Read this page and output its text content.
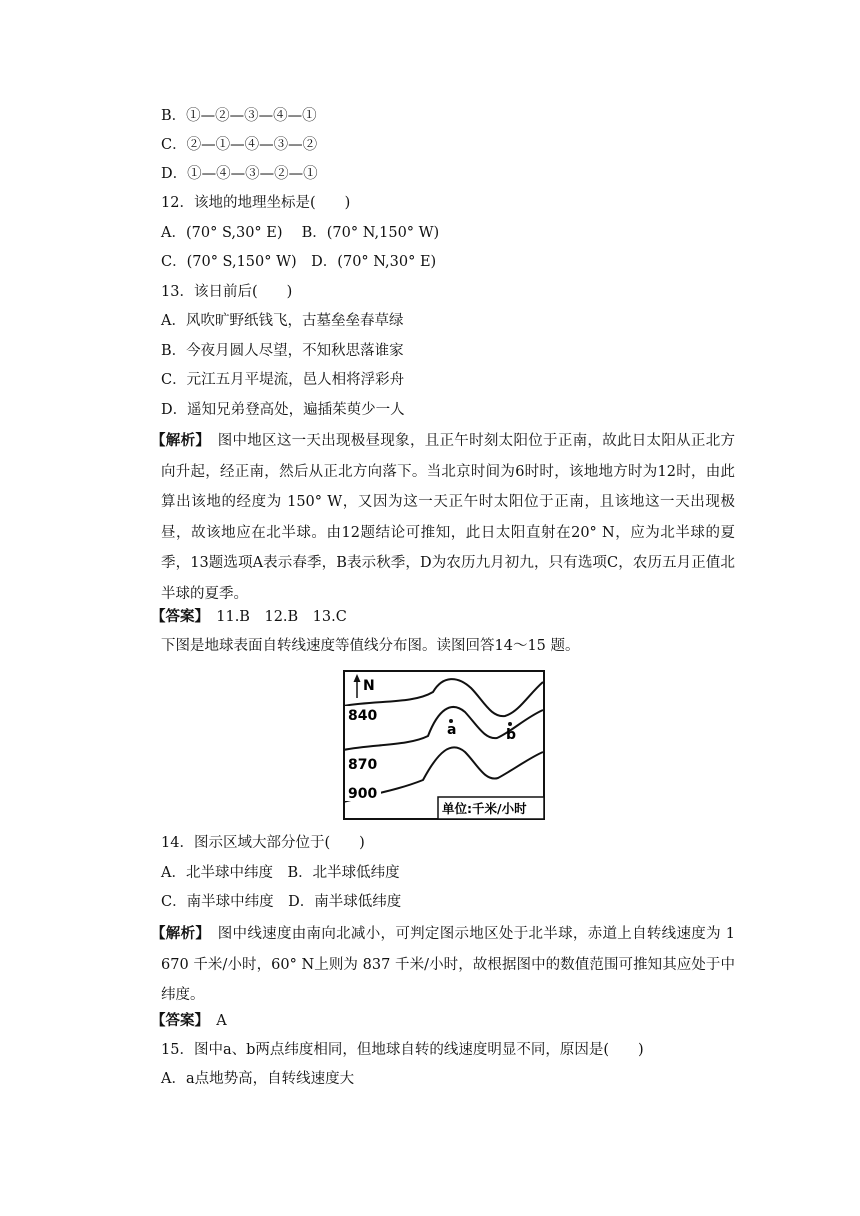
B．①—②—③—④—①
C．②—①—④—③—②
D．①—④—③—②—①
12．该地的地理坐标是(　　)
A．(70° S,30° E)　 B．(70° N,150° W)
C．(70° S,150° W)　D．(70° N,30° E)
13．该日前后(　　)
A．风吹旷野纸钱飞，古墓垒垒春草绿
B．今夜月圆人尽望，不知秋思落谁家
C．元江五月平堤流，邑人相将浮彩舟
D．遥知兄弟登高处，遍插茱萸少一人
【解析】　图中地区这一天出现极昼现象，且正午时刻太阳位于正南，故此日太阳从正北方向升起，经正南，然后从正北方向落下。当北京时间为6时时，该地地方时为12时，由此算出该地的经度为 150° W，又因为这一天正午时太阳位于正南，且该地这一天出现极昼，故该地应在北半球。由12题结论可推知，此日太阳直射在20° N，应为北半球的夏季，13题选项A表示春季，B表示秋季，D为农历九月初九，只有选项C，农历五月正值北半球的夏季。
【答案】　11.B　12.B　13.C
下图是地球表面自转线速度等值线分布图。读图回答14～15 题。
N
840
870
900
a	b
单位:千米/小时
14．图示区域大部分位于(　　)
A．北半球中纬度　B．北半球低纬度
C．南半球中纬度　D．南半球低纬度
【解析】　图中线速度由南向北减小，可判定图示地区处于北半球，赤道上自转线速度为 1 670 千米/小时，60° N上则为 837 千米/小时，故根据图中的数值范围可推知其应处于中纬度。
【答案】　A
15．图中a、b两点纬度相同，但地球自转的线速度明显不同，原因是(　　)
A．a点地势高，自转线速度大
